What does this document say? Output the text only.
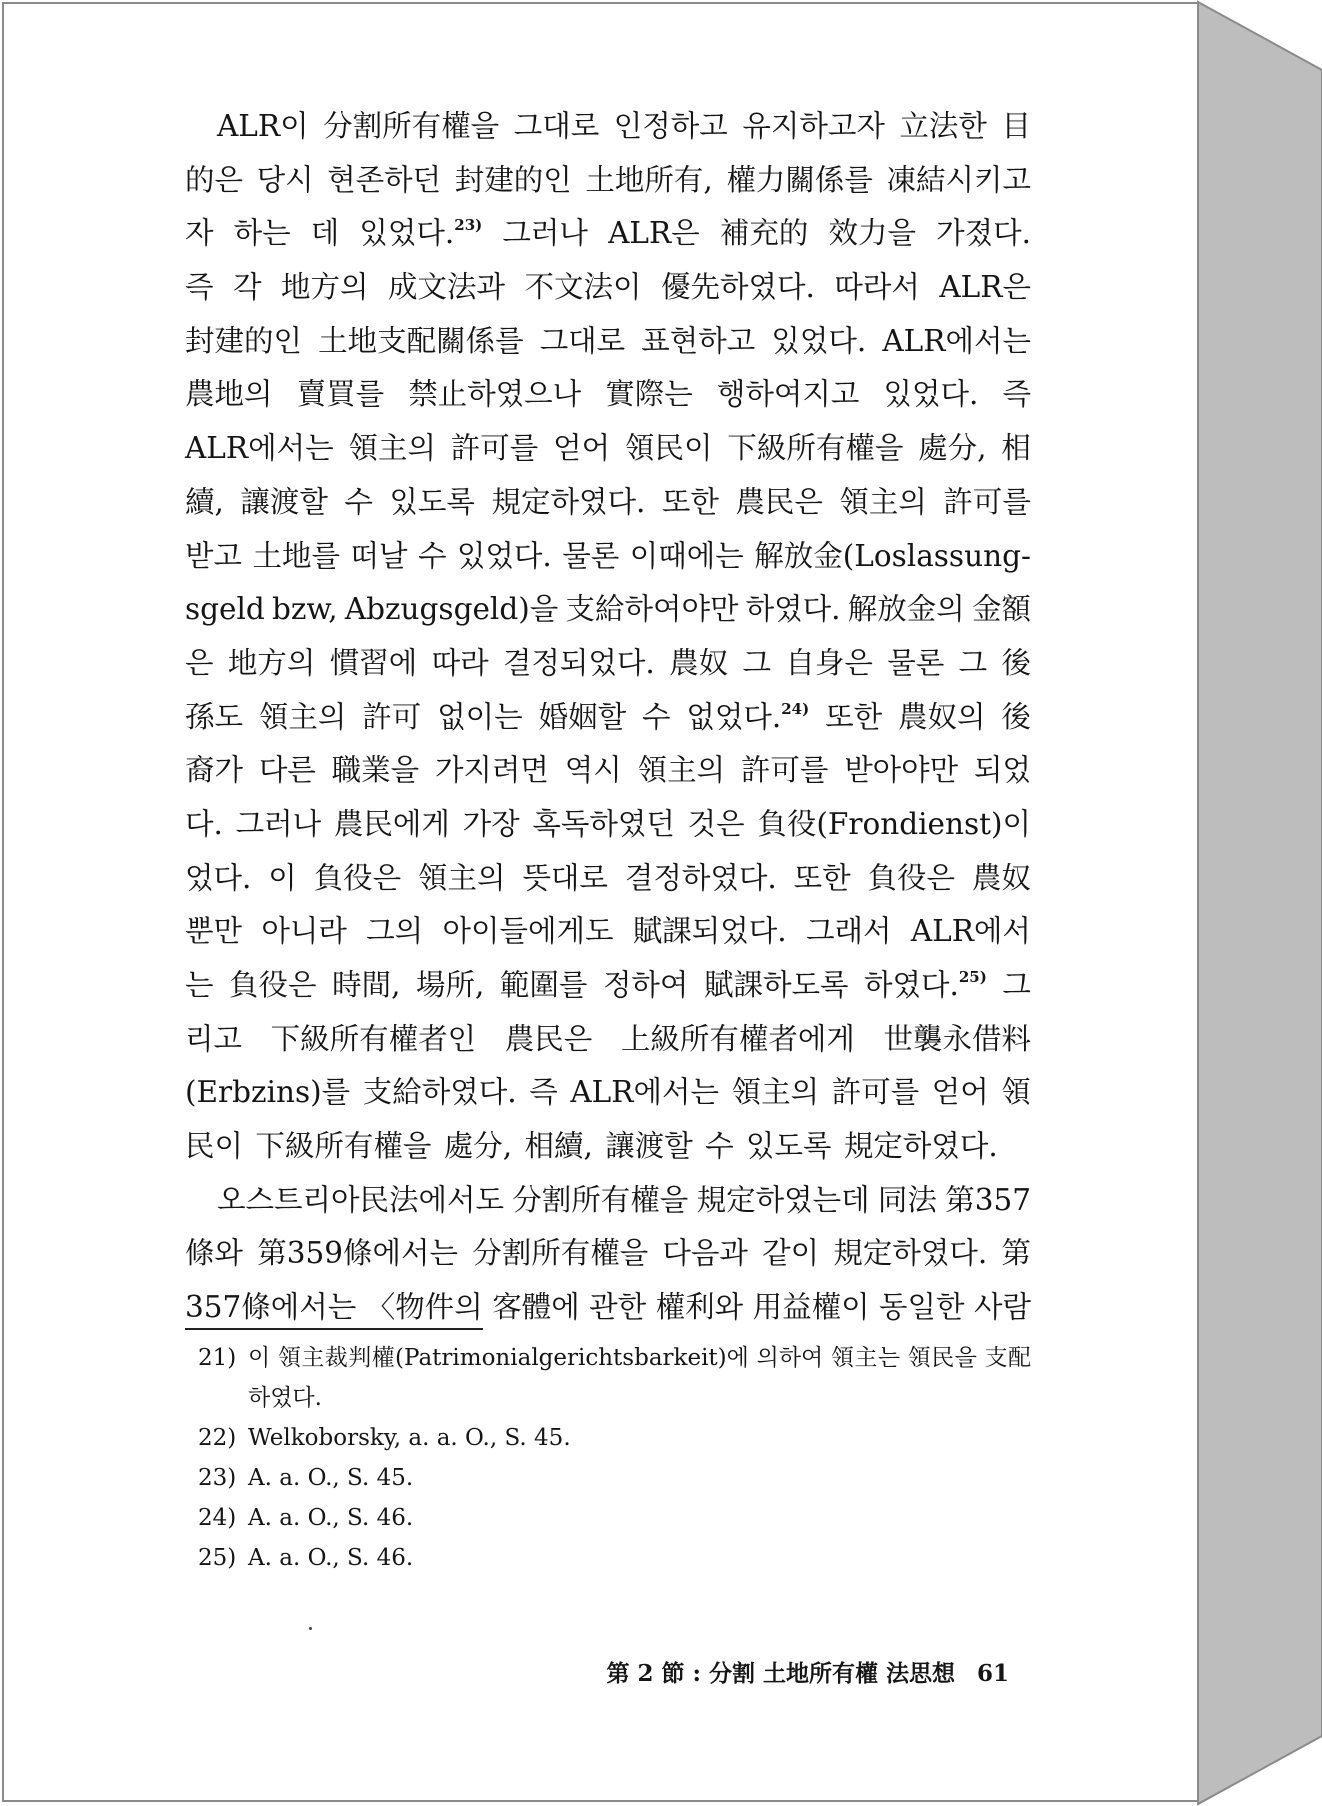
ALR이 分割所有權을 그대로 인정하고 유지하고자 立法한 目
的은 당시 현존하던 封建的인 土地所有, 權力關係를 凍結시키고
자 하는 데 있었다.$^{23)}$ 그러나 ALR은 補充的 效力을 가졌다.
즉 각 地方의 成文法과 不文法이 優先하였다. 따라서 ALR은
封建的인 土地支配關係를 그대로 표현하고 있었다. ALR에서는
農地의 賣買를 禁止하였으나 實際는 행하여지고 있었다. 즉
ALR에서는 領主의 許可를 얻어 領民이 下級所有權을 處分, 相
續, 讓渡할 수 있도록 規定하였다. 또한 農民은 領主의 許可를
받고 土地를 떠날 수 있었다. 물론 이때에는 解放金(Loslassung-
sgeld bzw, Abzugsgeld)을 支給하여야만 하였다. 解放金의 金額
은 地方의 慣習에 따라 결정되었다. 農奴 그 自身은 물론 그 後
孫도 領主의 許可 없이는 婚姻할 수 없었다.$^{24)}$ 또한 農奴의 後
裔가 다른 職業을 가지려면 역시 領主의 許可를 받아야만 되었
다. 그러나 農民에게 가장 혹독하였던 것은 負役(Frondienst)이
었다. 이 負役은 領主의 뜻대로 결정하였다. 또한 負役은 農奴
뿐만 아니라 그의 아이들에게도 賦課되었다. 그래서 ALR에서
는 負役은 時間, 場所, 範圍를 정하여 賦課하도록 하였다.$^{25)}$ 그
리고 下級所有權者인 農民은 上級所有權者에게 世襲永借料
(Erbzins)를 支給하였다. 즉 ALR에서는 領主의 許可를 얻어 領
民이 下級所有權을 處分, 相續, 讓渡할 수 있도록 規定하였다.
오스트리아民法에서도 分割所有權을 規定하였는데 同法 第357
條와 第359條에서는 分割所有權을 다음과 같이 規定하였다. 第
357條에서는 〈物件의 客體에 관한 權利와 用益權이 동일한 사람
21) 이 領主裁判權(Patrimonialgerichtsbarkeit)에 의하여 領主는 領民을 支配하였다.
22) Welkoborsky, a. a. O., S. 45.
23) A. a. O., S. 45.
24) A. a. O., S. 46.
25) A. a. O., S. 46.
第 2 節 : 分割 土地所有權 法思想 61
